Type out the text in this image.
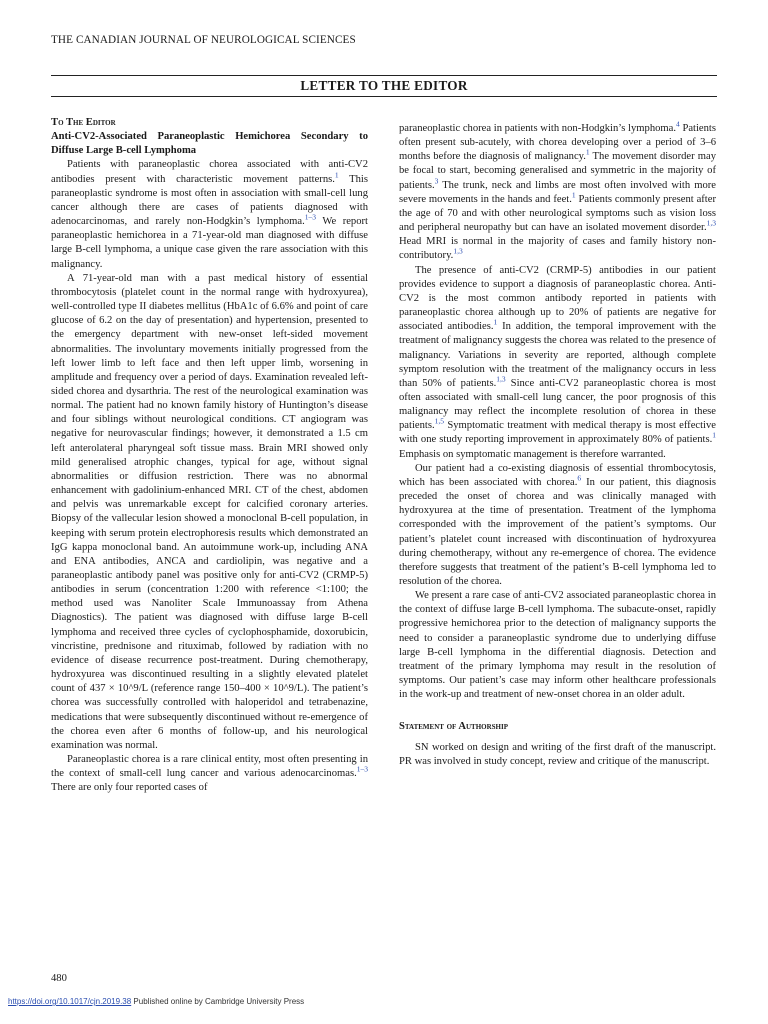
THE CANADIAN JOURNAL OF NEUROLOGICAL SCIENCES
LETTER TO THE EDITOR

To The Editor

Anti-CV2-Associated Paraneoplastic Hemichorea Secondary to Diffuse Large B-cell Lymphoma

Patients with paraneoplastic chorea associated with anti-CV2 antibodies present with characteristic movement patterns.$^1$ This paraneoplastic syndrome is most often in association with small-cell lung cancer although there are cases of patients diagnosed with adenocarcinomas, and rarely non-Hodgkin’s lymphoma.$^{1-3}$ We report paraneoplastic hemichorea in a 71-year-old man diagnosed with diffuse large B-cell lymphoma, a unique case given the rare association with this malignancy.

A 71-year-old man with a past medical history of essential thrombocytosis (platelet count in the normal range with hydroxyurea), well-controlled type II diabetes mellitus (HbA1c of 6.6% and point of care glucose of 6.2 on the day of presentation) and hypertension, presented to the emergency department with new-onset left-sided movement abnormalities. The involuntary movements initially progressed from the left lower limb to left face and then left upper limb, worsening in amplitude and frequency over a period of days. Examination revealed left-sided chorea and dysarthria. The rest of the neurological examination was normal. The patient had no known family history of Huntington’s disease and four siblings without neurological conditions. CT angiogram was negative for neurovascular findings; however, it demonstrated a 1.5 cm left anterolateral pharyngeal soft tissue mass. Brain MRI showed only mild generalised atrophic changes, typical for age, without signal abnormalities or diffusion restriction. There was no abnormal enhancement with gadolinium-enhanced MRI. CT of the chest, abdomen and pelvis was unremarkable except for calcified coronary arteries. Biopsy of the vallecular lesion showed a monoclonal B-cell population, in keeping with serum protein electrophoresis results which demonstrated an IgG kappa monoclonal band. An autoimmune work-up, including ANA and ENA antibodies, ANCA and cardiolipin, was negative and a paraneoplastic antibody panel was positive only for anti-CV2 (CRMP-5) antibodies in serum (concentration 1:200 with reference <1:100; the method used was Nanoliter Scale Immunoassay from Athena Diagnostics). The patient was diagnosed with diffuse large B-cell lymphoma and received three cycles of cyclophosphamide, doxorubicin, vincristine, prednisone and rituximab, followed by radiation with no evidence of disease recurrence post-treatment. During chemotherapy, hydroxyurea was discontinued resulting in a slightly elevated platelet count of 437 × 10^9/L (reference range 150–400 × 10^9/L). The patient’s chorea was successfully controlled with haloperidol and tetrabenazine, medications that were subsequently discontinued without re-emergence of the chorea even after 6 months of follow-up, and his neurological examination was normal.

Paraneoplastic chorea is a rare clinical entity, most often presenting in the context of small-cell lung cancer and various adenocarcinomas.$^{1-3}$ There are only four reported cases of

paraneoplastic chorea in patients with non-Hodgkin’s lymphoma.$^4$ Patients often present sub-acutely, with chorea developing over a period of 3–6 months before the diagnosis of malignancy.$^1$ The movement disorder may be focal to start, becoming generalised and symmetric in the majority of patients.$^3$ The trunk, neck and limbs are most often involved with more severe movements in the hands and feet.$^1$ Patients commonly present after the age of 70 and with other neurological symptoms such as vision loss and peripheral neuropathy but can have an isolated movement disorder.$^{1,3}$ Head MRI is normal in the majority of cases and family history non-contributory.$^{1,3}$

The presence of anti-CV2 (CRMP-5) antibodies in our patient provides evidence to support a diagnosis of paraneoplastic chorea. Anti-CV2 is the most common antibody reported in patients with paraneoplastic chorea although up to 20% of patients are negative for associated antibodies.$^1$ In addition, the temporal improvement with the treatment of malignancy suggests the chorea was related to the presence of malignancy. Variations in severity are reported, although complete symptom resolution with the treatment of the malignancy occurs in less than 50% of patients.$^{1,3}$ Since anti-CV2 paraneoplastic chorea is most often associated with small-cell lung cancer, the poor prognosis of this malignancy may reflect the incomplete resolution of chorea in these patients.$^{1,5}$ Symptomatic treatment with medical therapy is most effective with one study reporting improvement in approximately 80% of patients.$^1$ Emphasis on symptomatic management is therefore warranted.

Our patient had a co-existing diagnosis of essential thrombocytosis, which has been associated with chorea.$^6$ In our patient, this diagnosis preceded the onset of chorea and was clinically managed with hydroxyurea at the time of presentation. Treatment of the lymphoma corresponded with the improvement of the patient’s symptoms. Our patient’s platelet count increased with discontinuation of hydroxyurea during chemotherapy, without any re-emergence of chorea. The evidence therefore suggests that treatment of the patient’s B-cell lymphoma led to resolution of the chorea.

We present a rare case of anti-CV2 associated paraneoplastic chorea in the context of diffuse large B-cell lymphoma. The subacute-onset, rapidly progressive hemichorea prior to the detection of malignancy supports the need to consider a paraneoplastic syndrome due to underlying diffuse large B-cell lymphoma in the differential diagnosis. Detection and treatment of the primary lymphoma may result in the resolution of symptoms. Our patient’s case may inform other healthcare professionals in the work-up and treatment of new-onset chorea in an older adult.

Statement of Authorship

SN worked on design and writing of the first draft of the manuscript. PR was involved in study concept, review and critique of the manuscript.

480
https://doi.org/10.1017/cjn.2019.38 Published online by Cambridge University Press
